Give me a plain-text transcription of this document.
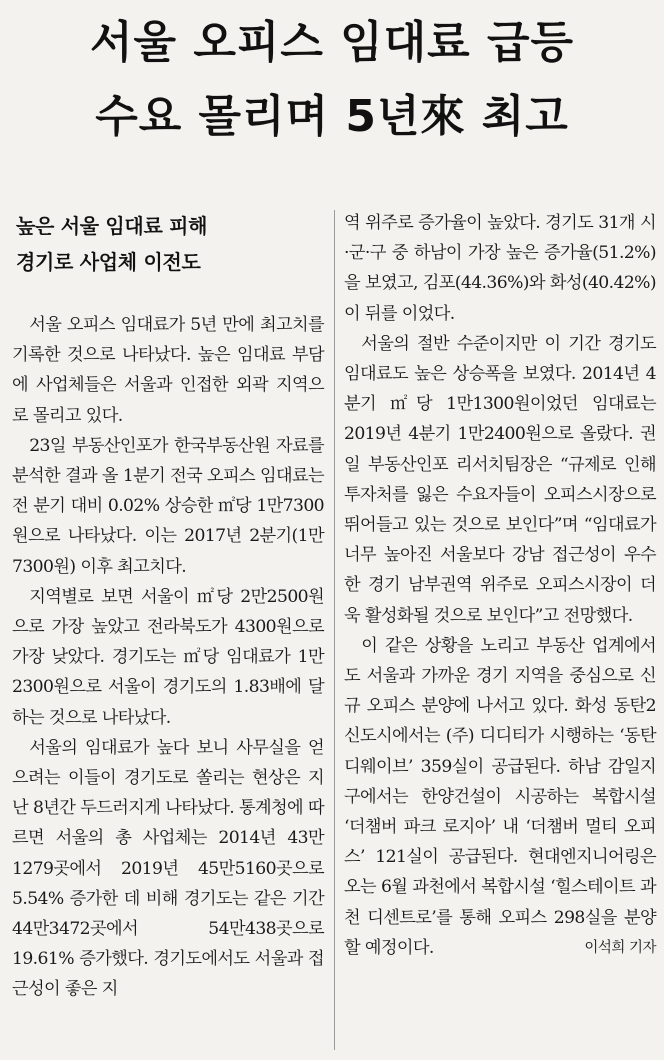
서울 오피스 임대료 급등
수요 몰리며 5년來 최고
높은 서울 임대료 피해
경기로 사업체 이전도

서울 오피스 임대료가 5년 만에 최고치를 기록한 것으로 나타났다. 높은 임대료 부담에 사업체들은 서울과 인접한 외곽 지역으로 몰리고 있다.

23일 부동산인포가 한국부동산원 자료를 분석한 결과 올 1분기 전국 오피스 임대료는 전 분기 대비 0.02% 상승한 ㎡당 1만7300원으로 나타났다. 이는 2017년 2분기(1만7300원) 이후 최고치다.

지역별로 보면 서울이 ㎡당 2만2500원으로 가장 높았고 전라북도가 4300원으로 가장 낮았다. 경기도는 ㎡당 임대료가 1만2300원으로 서울이 경기도의 1.83배에 달하는 것으로 나타났다.

서울의 임대료가 높다 보니 사무실을 얻으려는 이들이 경기도로 쏠리는 현상은 지난 8년간 두드러지게 나타났다. 통계청에 따르면 서울의 총 사업체는 2014년 43만1279곳에서 2019년 45만5160곳으로 5.54% 증가한 데 비해 경기도는 같은 기간 44만3472곳에서 54만438곳으로 19.61% 증가했다. 경기도에서도 서울과 접근성이 좋은 지

역 위주로 증가율이 높았다. 경기도 31개 시·군·구 중 하남이 가장 높은 증가율(51.2%)을 보였고, 김포(44.36%)와 화성(40.42%)이 뒤를 이었다.

서울의 절반 수준이지만 이 기간 경기도 임대료도 높은 상승폭을 보였다. 2014년 4분기 ㎡당 1만1300원이었던 임대료는 2019년 4분기 1만2400원으로 올랐다. 권일 부동산인포 리서치팀장은 “규제로 인해 투자처를 잃은 수요자들이 오피스시장으로 뛰어들고 있는 것으로 보인다”며 “임대료가 너무 높아진 서울보다 강남 접근성이 우수한 경기 남부권역 위주로 오피스시장이 더욱 활성화될 것으로 보인다”고 전망했다.

이 같은 상황을 노리고 부동산 업계에서도 서울과 가까운 경기 지역을 중심으로 신규 오피스 분양에 나서고 있다. 화성 동탄2신도시에서는 (주) 디디티가 시행하는 ‘동탄 디웨이브’ 359실이 공급된다. 하남 감일지구에서는 한양건설이 시공하는 복합시설 ‘더챔버 파크 로지아’ 내 ‘더챔버 멀티 오피스’ 121실이 공급된다. 현대엔지니어링은 오는 6월 과천에서 복합시설 ‘힐스테이트 과천 디센트로’를 통해 오피스 298실을 분양할 예정이다.	이석희 기자
